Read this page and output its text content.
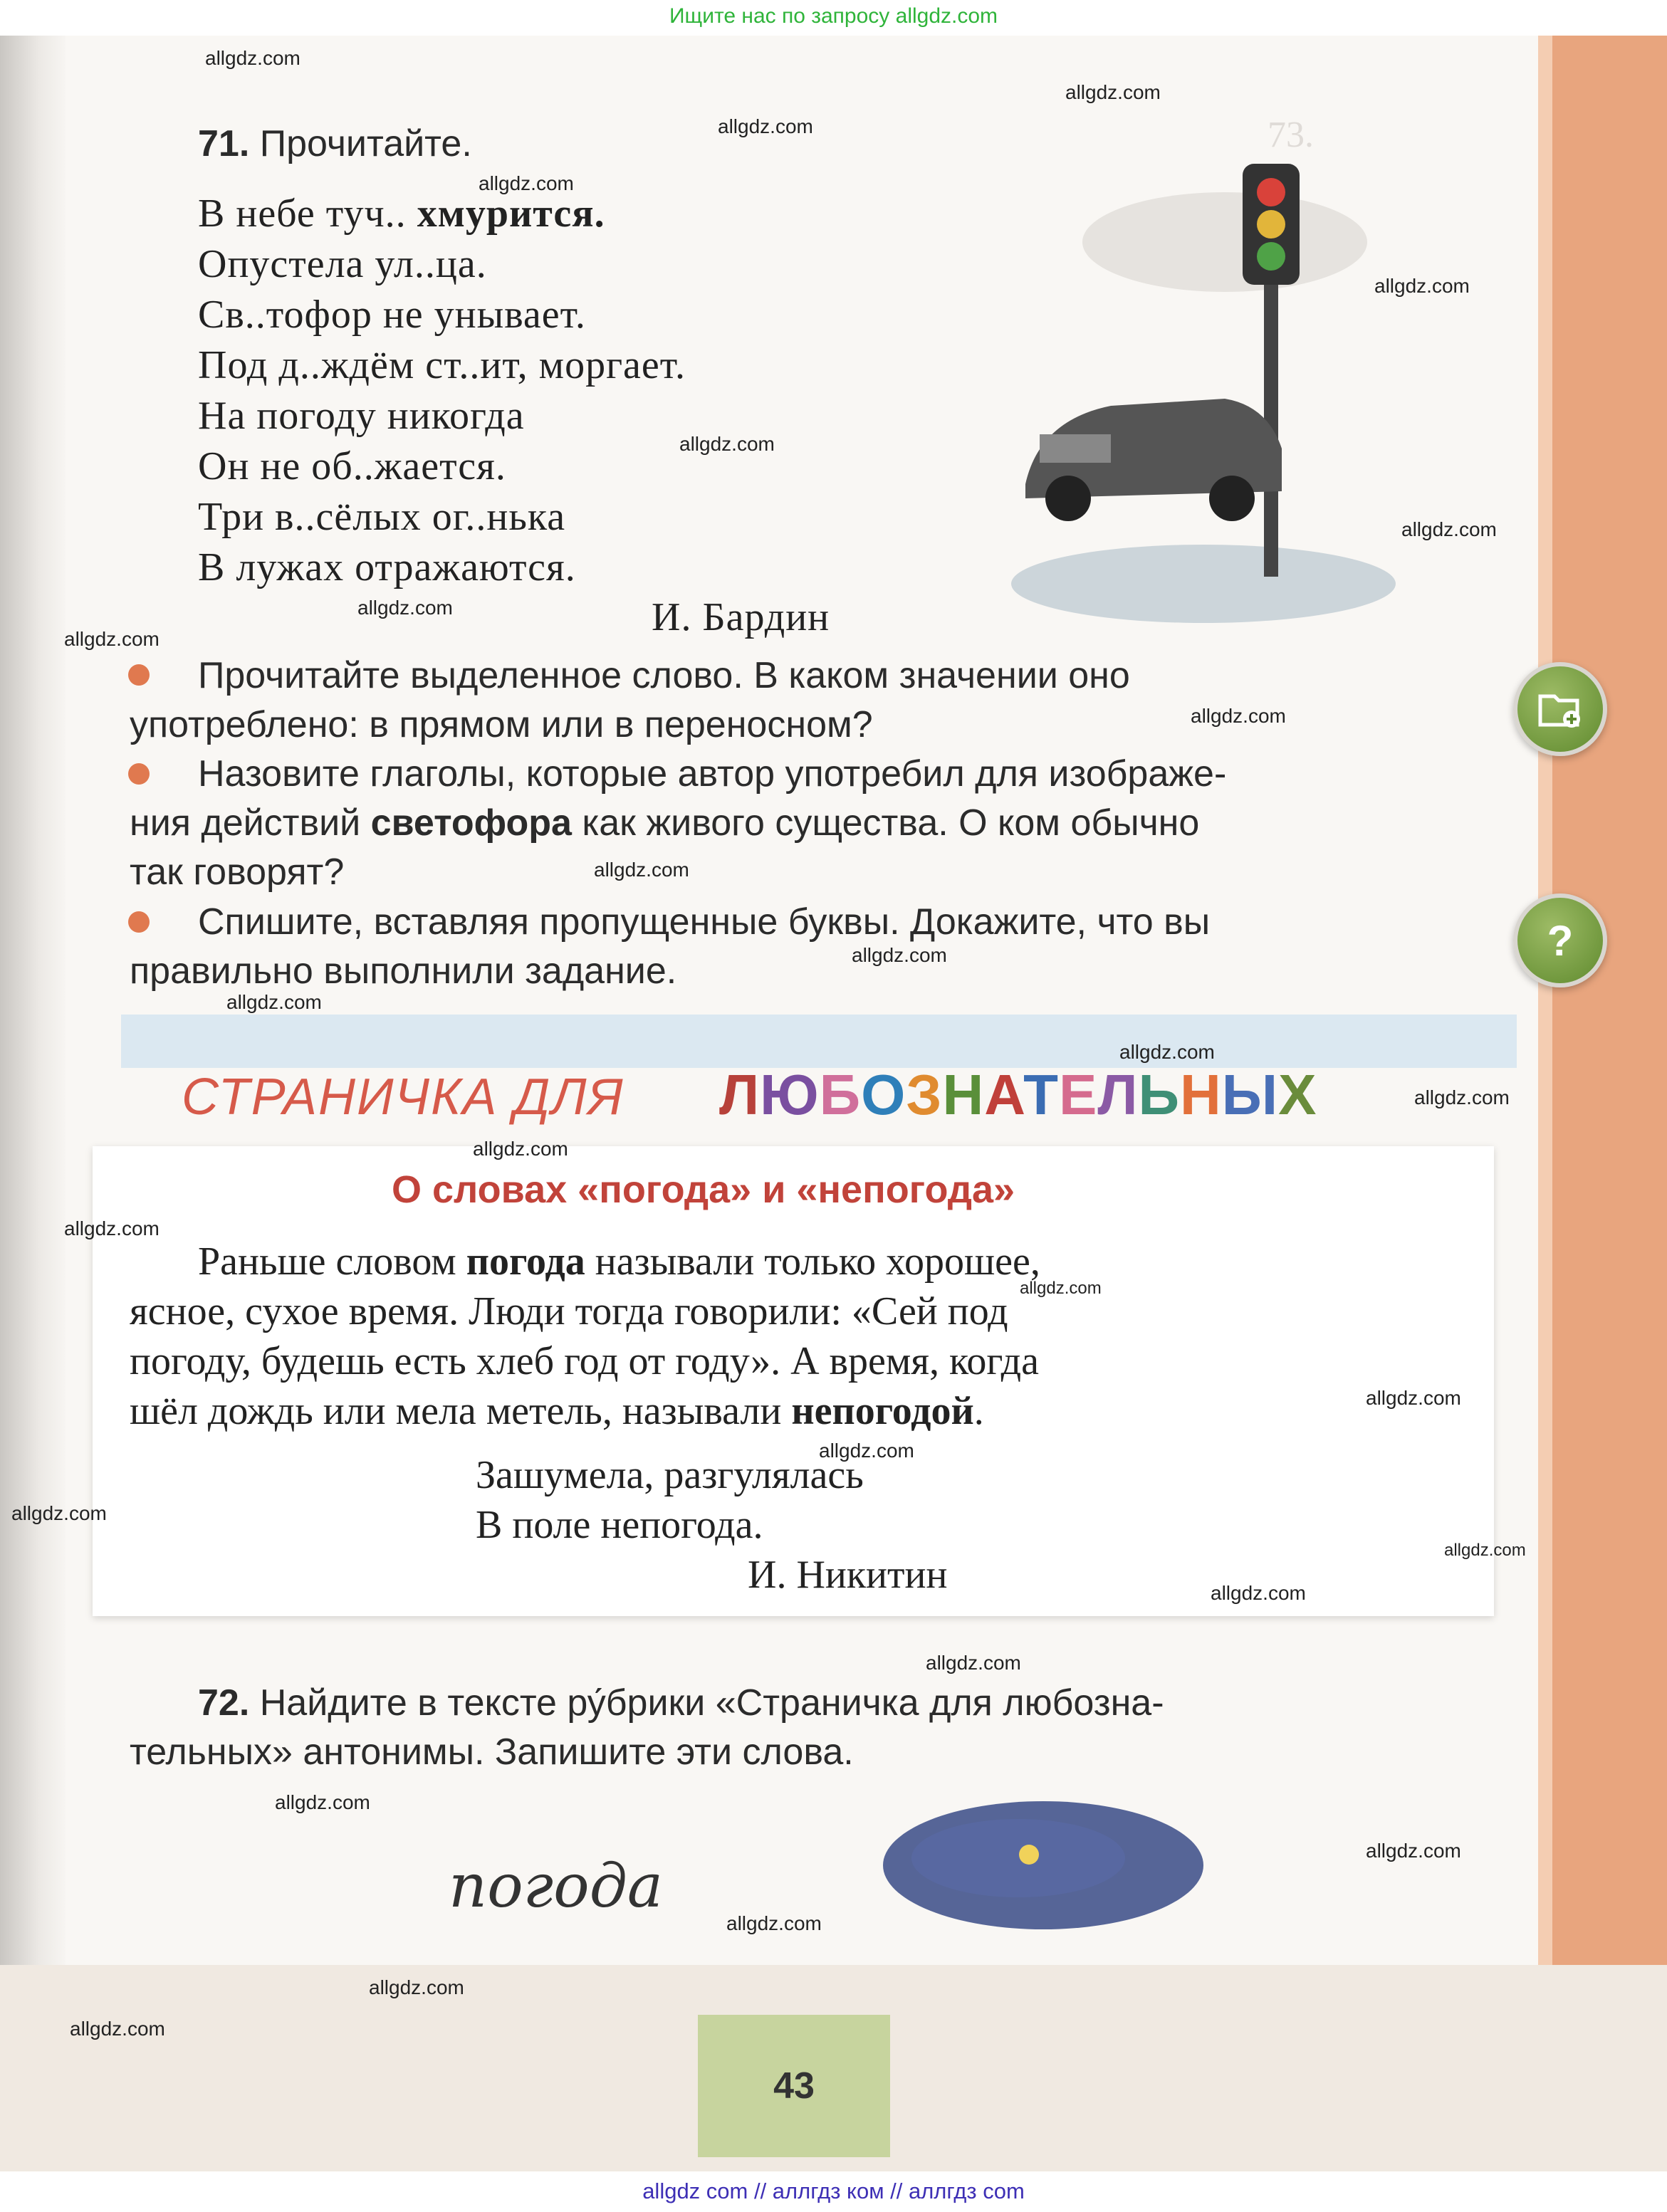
Ищите нас по запросу allgdz.com
73.
71. Прочитайте.
В небе туч.. хмурится.
Опустела ул..ца.
Св..тофор не унывает.
Под д..ждём ст..ит, моргает.
На погоду никогда
Он не об..жается.
Три в..сёлых ог..нька
В лужах отражаются.
И. Бардин
Прочитайте выделенное слово. В каком значении оно
употреблено: в прямом или в переносном?
Назовите глаголы, которые автор употребил для изображе-
ния действий светофора как живого существа. О ком обычно
так говорят?
Спишите, вставляя пропущенные буквы. Докажите, что вы
правильно выполнили задание.
?
СТРАНИЧКА ДЛЯ ЛЮБОЗНАТЕЛЬНЫХ
О словах «погода» и «непогода»
Раньше словом погода называли только хорошее,
ясное, сухое время. Люди тогда говорили: «Сей под
погоду, будешь есть хлеб год от году». А время, когда
шёл дождь или мела метель, называли непогодой.
Зашумела, разгулялась
В поле непогода.
И. Никитин
72. Найдите в тексте ру́брики «Страничка для любозна-
тельных» антонимы. Запишите эти слова.
погода
43
allgdz.com
allgdz.com
allgdz.com
allgdz.com
allgdz.com
allgdz.com
allgdz.com
allgdz.com
allgdz.com
allgdz.com
allgdz.com
allgdz.com
allgdz.com
allgdz.com
allgdz.com
allgdz.com
allgdz.com
allgdz.com
allgdz.com
allgdz.com
allgdz.com
allgdz.com
allgdz.com
allgdz.com
allgdz.com
allgdz.com
allgdz.com
allgdz.com
allgdz.com
allgdz com // аллгдз ком // аллгдз com
